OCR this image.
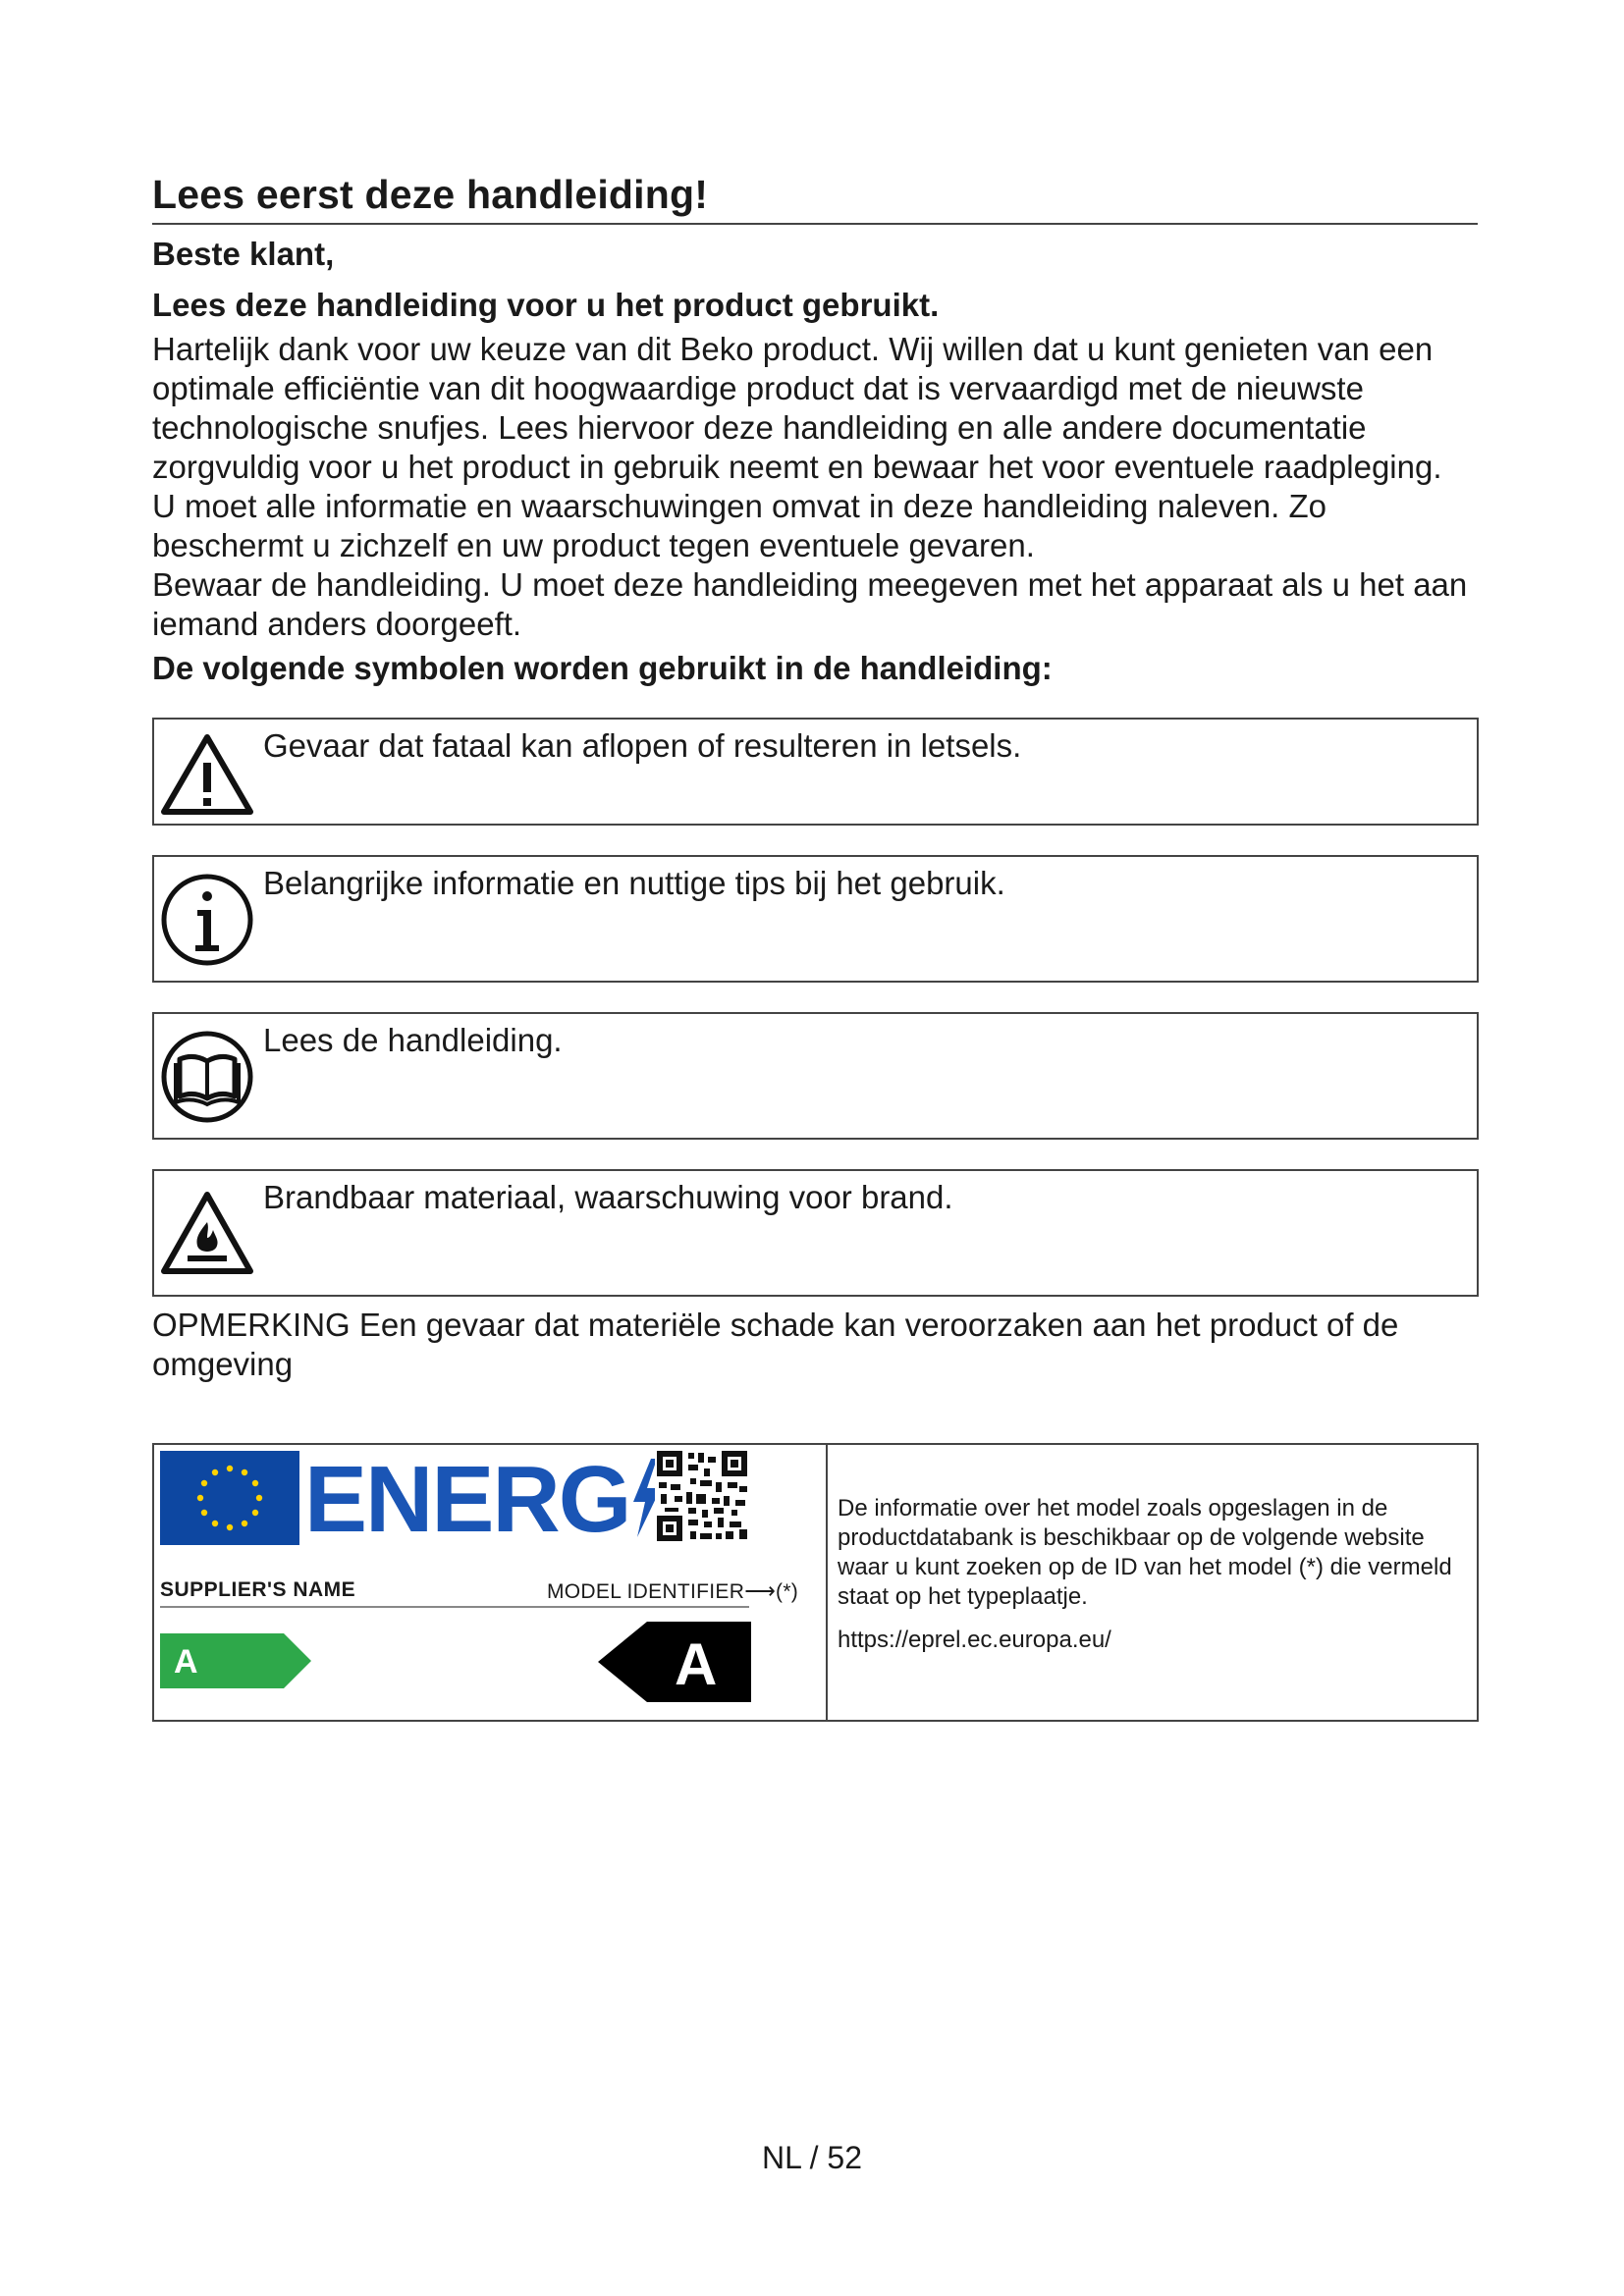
Lees eerst deze handleiding!
Beste klant,
Lees deze handleiding voor u het product gebruikt.

Hartelijk dank voor uw keuze van dit Beko product. Wij willen dat u kunt genieten van een optimale efficiëntie van dit hoogwaardige product dat is vervaardigd met de nieuwste technologische snufjes. Lees hiervoor deze handleiding en alle andere documentatie zorgvuldig voor u het product in gebruik neemt en bewaar het voor eventuele raadpleging.

U moet alle informatie en waarschuwingen omvat in deze handleiding naleven. Zo beschermt u zichzelf en uw product tegen eventuele gevaren.

Bewaar de handleiding. U moet deze handleiding meegeven met het apparaat als u het aan iemand anders doorgeeft.

De volgende symbolen worden gebruikt in de handleiding:
Gevaar dat fataal kan aflopen of resulteren in letsels.
Belangrijke informatie en nuttige tips bij het gebruik.
Lees de handleiding.
Brandbaar materiaal, waarschuwing voor brand.
OPMERKING Een gevaar dat materiële schade kan veroorzaken aan het product of de omgeving
ENERG
SUPPLIER'S NAME	MODEL IDENTIFIER⟶(*)
A	A

De informatie over het model zoals opgeslagen in de productdatabank is beschikbaar op de volgende website waar u kunt zoeken op de ID van het model (*) die vermeld staat op het typeplaatje.

https://eprel.ec.europa.eu/

NL / 52
